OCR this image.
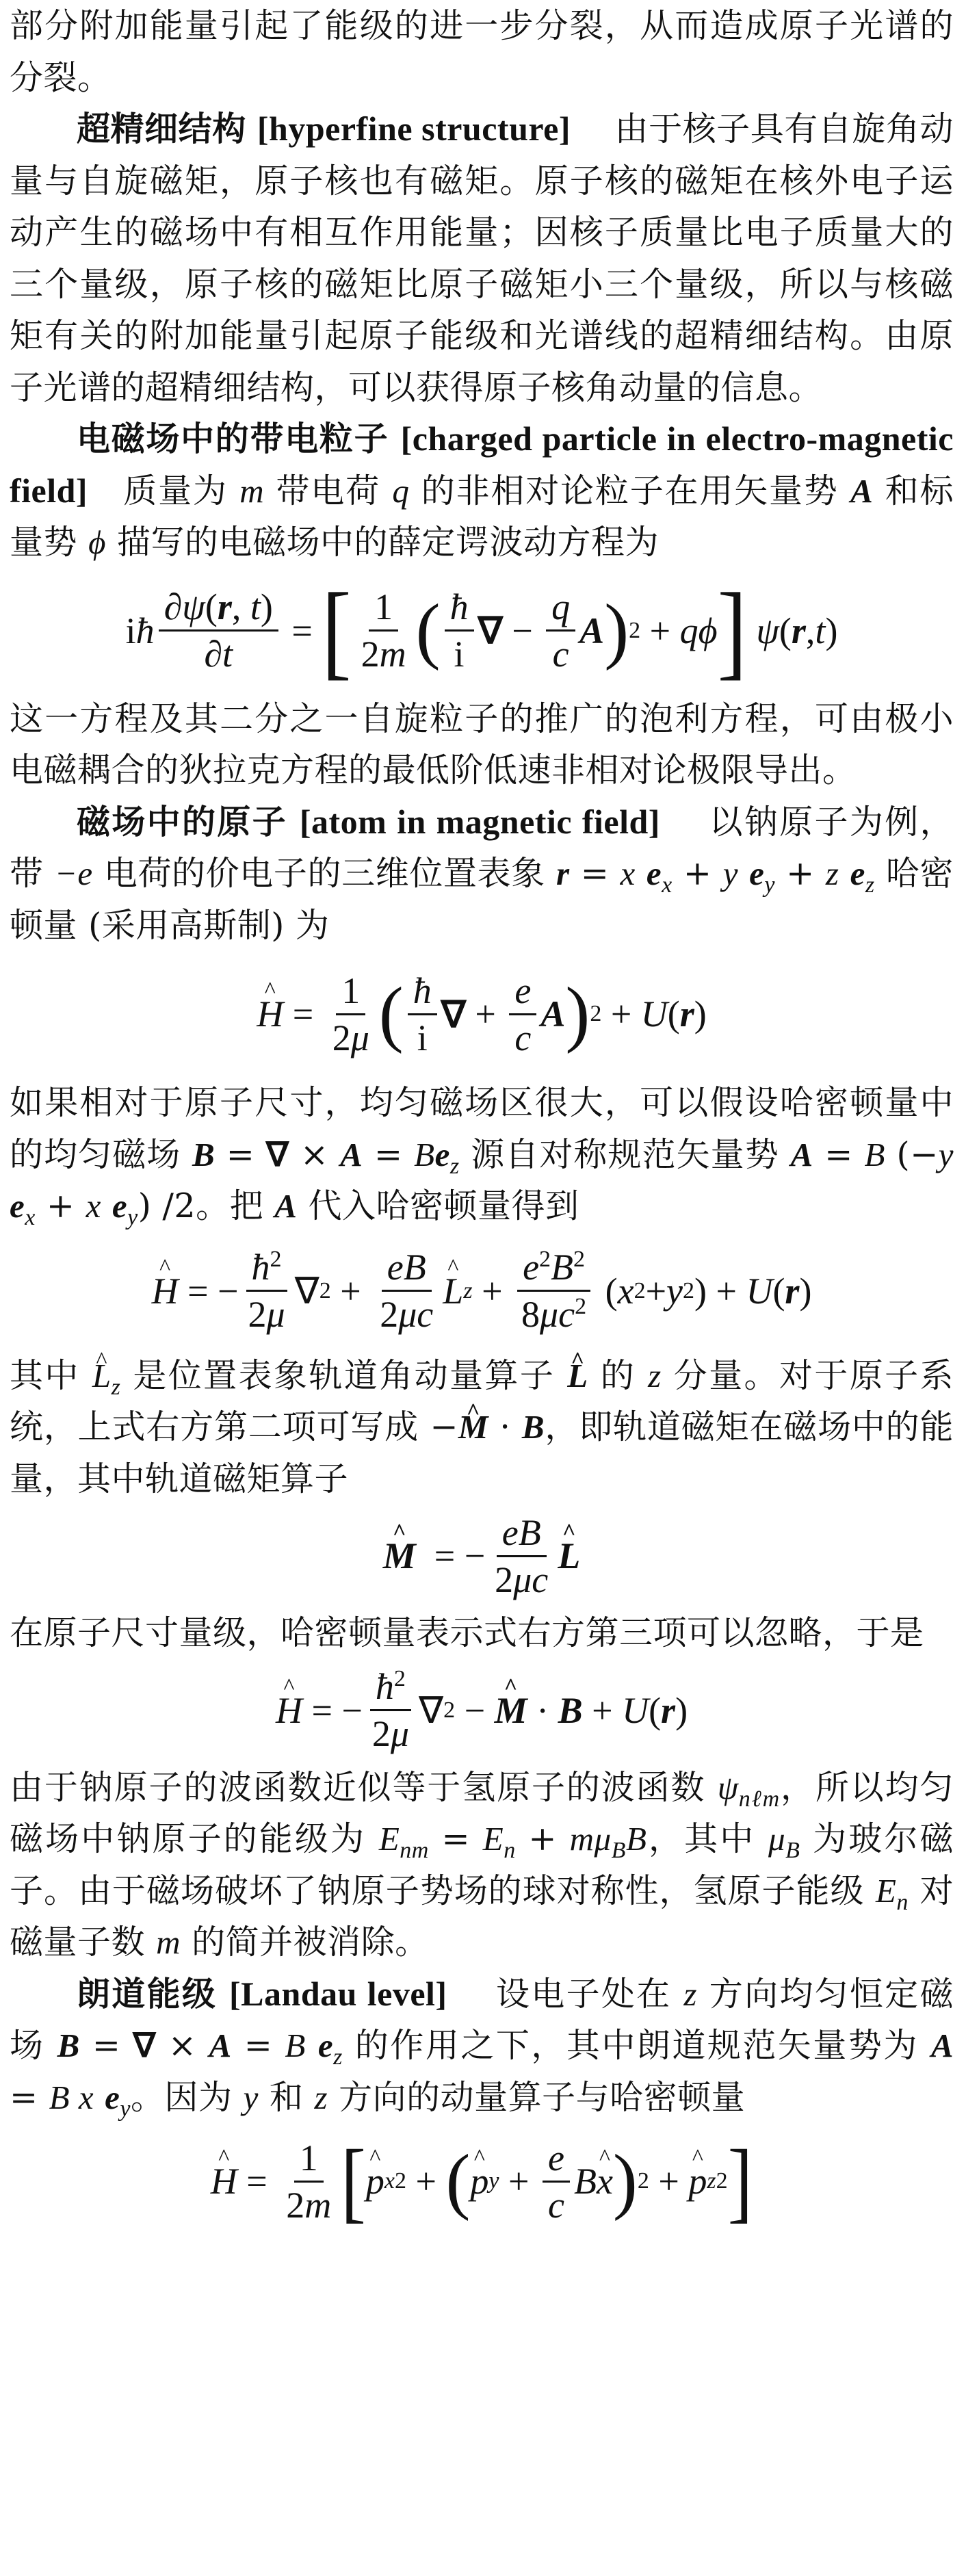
部分附加能量引起了能级的进一步分裂，从而造成原子光谱的分裂。

超精细结构 [hyperfine structure] 由于核子具有自旋角动量与自旋磁矩，原子核也有磁矩。原子核的磁矩在核外电子运动产生的磁场中有相互作用能量；因核子质量比电子质量大的三个量级，原子核的磁矩比原子磁矩小三个量级，所以与核磁矩有关的附加能量引起原子能级和光谱线的超精细结构。由原子光谱的超精细结构，可以获得原子核角动量的信息。

电磁场中的带电粒子 [charged particle in electro-magnetic field] 质量为 m 带电荷 q 的非相对论粒子在用矢量势 A 和标量势 ϕ 描写的电磁场中的薛定谔波动方程为

i ħ $\frac{\partial\psi(r, t)}{\partial t}$ = [ $\frac{1}{2m}$ ( $\frac{ħ}{i}$ ∇ − $\frac{q}{c}$ A ) 2 + qϕ ]
ψ ( r , t )

这一方程及其二分之一自旋粒子的推广的泡利方程，可由极小电磁耦合的狄拉克方程的最低阶低速非相对论极限导出。

磁场中的原子 [atom in magnetic field] 以钠原子为例，带 −e 电荷的价电子的三维位置表象 r = x $e_x + y$ $e_y + z$ $e_z$ 哈密顿量 (采用高斯制) 为

^ $H = \frac{1}{2\mu}$ ( $\frac{ħ}{i}$ ∇ + $\frac{e}{c}$ A ) 2 + U ( r )

如果相对于原子尺寸，均匀磁场区很大，可以假设哈密顿量中的均匀磁场 B = ∇ × $A = Be_z$ 源自对称规范矢量势 A = B (−y $e_x + x$ $e_y$) /2。把 A 代入哈密顿量得到

^ H = − $\frac{ħ^2}{2\mu}$ ∇ $2 + \frac{eB}{2\mu c}$ ^ L $z + \frac{e^2B^2}{8\mu c^2}$ ( x 2 + y 2 ) + U ( r )

其中 ^ $L_z$ 是位置表象轨道角动量算子 ^ L 的 z 分量。对于原子系统，上式右方第二项可写成 −^ M · B，即轨道磁矩在磁场中的能量，其中轨道磁矩算子

^ M = − $\frac{eB}{2\mu c}$ ^ L

在原子尺寸量级，哈密顿量表示式右方第三项可以忽略，于是

^ H = − $\frac{ħ^2}{2\mu}$ ∇ 2 − ^ M · B + U ( r )

由于钠原子的波函数近似等于氢原子的波函数 $\psi_{n\ell m}$，所以均匀磁场中钠原子的能级为 $E_{nm} = E_n + m\mu_BB$，其中 $\mu_B$ 为玻尔磁子。由于磁场破坏了钠原子势场的球对称性，氢原子能级 $E_n$ 对磁量子数 m 的简并被消除。

朗道能级 [Landau level] 设电子处在 z 方向均匀恒定磁场 B = ∇ × A = B $e_z$ 的作用之下，其中朗道规范矢量势为 A = B x $e_y$。因为 y 和 z 方向的动量算子与哈密顿量

^ $H = \frac{1}{2m}$ [ ^ p x 2 + ( ^ p $y + \frac{e}{c}$ B ^ x ) 2 + ^ p z 2 ]
